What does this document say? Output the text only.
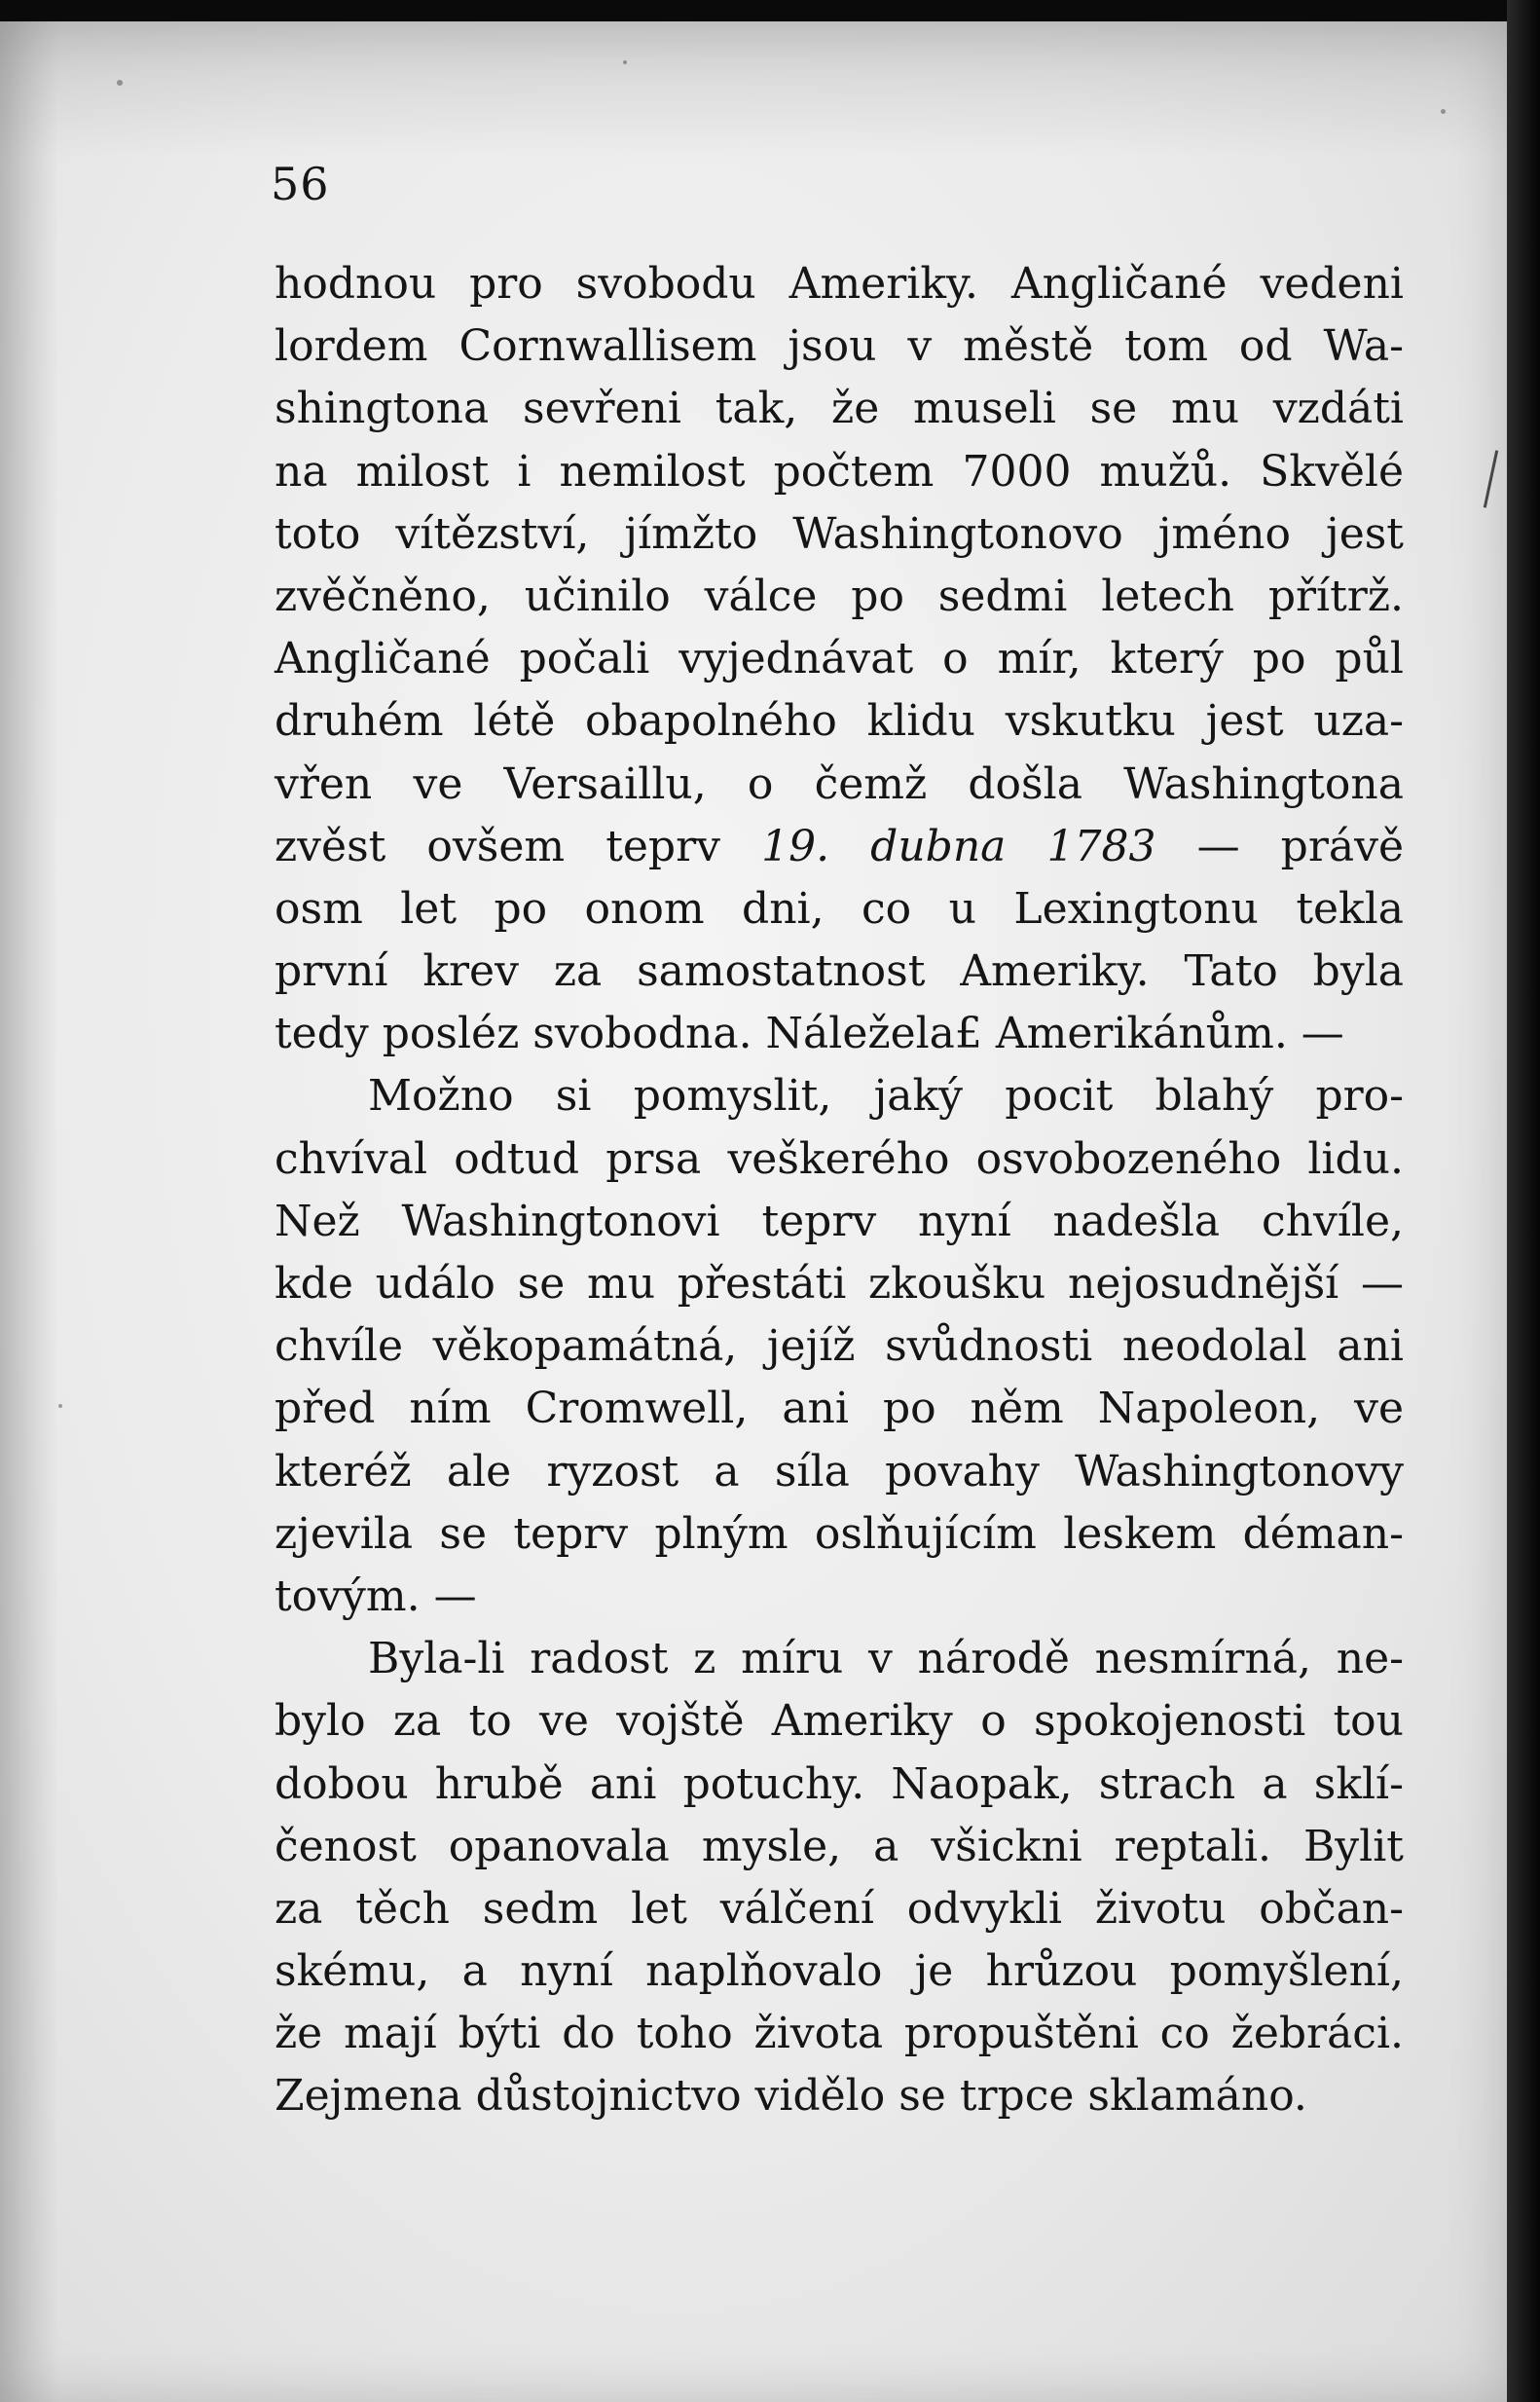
56
hodnou pro svobodu Ameriky. Angličané vedeni
lordem Cornwallisem jsou v městě tom od Wa-
shingtona sevřeni tak, že museli se mu vzdáti
na milost i nemilost počtem 7000 mužů. Skvělé
toto vítězství, jímžto Washingtonovo jméno jest
zvěčněno, učinilo válce po sedmi letech přítrž.
Angličané počali vyjednávat o mír, který po půl
druhém létě obapolného klidu vskutku jest uza-
vřen ve Versaillu, o čemž došla Washingtona
zvěst ovšem teprv 19. dubna 1783 — právě
osm let po onom dni, co u Lexingtonu tekla
první krev za samostatnost Ameriky. Tato byla
tedy posléz svobodna. Náležela£ Amerikánům. —
Možno si pomyslit, jaký pocit blahý pro-
chvíval odtud prsa veškerého osvobozeného lidu.
Než Washingtonovi teprv nyní nadešla chvíle,
kde událo se mu přestáti zkoušku nejosudnější —
chvíle věkopamátná, jejíž svůdnosti neodolal ani
před ním Cromwell, ani po něm Napoleon, ve
kteréž ale ryzost a síla povahy Washingtonovy
zjevila se teprv plným oslňujícím leskem déman-
tovým. —
Byla-li radost z míru v národě nesmírná, ne-
bylo za to ve vojště Ameriky o spokojenosti tou
dobou hrubě ani potuchy. Naopak, strach a sklí-
čenost opanovala mysle, a všickni reptali. Bylit
za těch sedm let válčení odvykli životu občan-
skému, a nyní naplňovalo je hrůzou pomyšlení,
že mají býti do toho života propuštěni co žebráci.
Zejmena důstojnictvo vidělo se trpce sklamáno.
